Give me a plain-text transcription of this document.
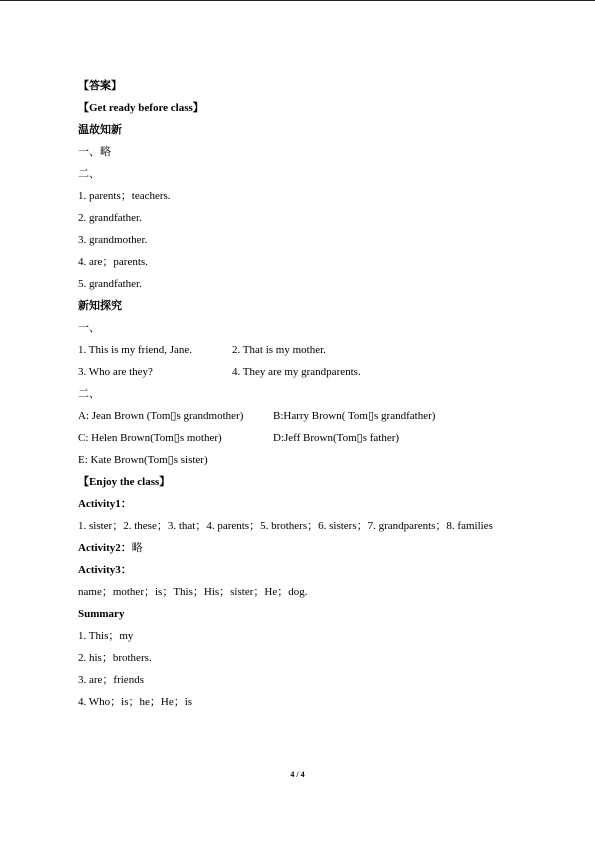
【答案】
【Get ready before class】
温故知新
一、略
二、
1. parents；teachers.
2. grandfather.
3. grandmother.
4. are；parents.
5. grandfather.
新知探究
一、
1. This is my friend, Jane.	2. That is my mother.
3. Who are they?	4. They are my grandparents.
二、
A: Jean Brown (Tom▯s grandmother)	B:Harry Brown( Tom▯s grandfather)
C: Helen Brown(Tom▯s mother)	D:Jeff Brown(Tom▯s father)
E: Kate Brown(Tom▯s sister)
【Enjoy the class】
Activity1：
1. sister；2. these；3. that；4. parents；5. brothers；6. sisters；7. grandparents；8. families
Activity2：略
Activity3：
name；mother；is；This；His；sister；He；dog.
Summary
1. This；my
2. his；brothers.
3. are；friends
4. Who；is；he；He；is
4 / 4
